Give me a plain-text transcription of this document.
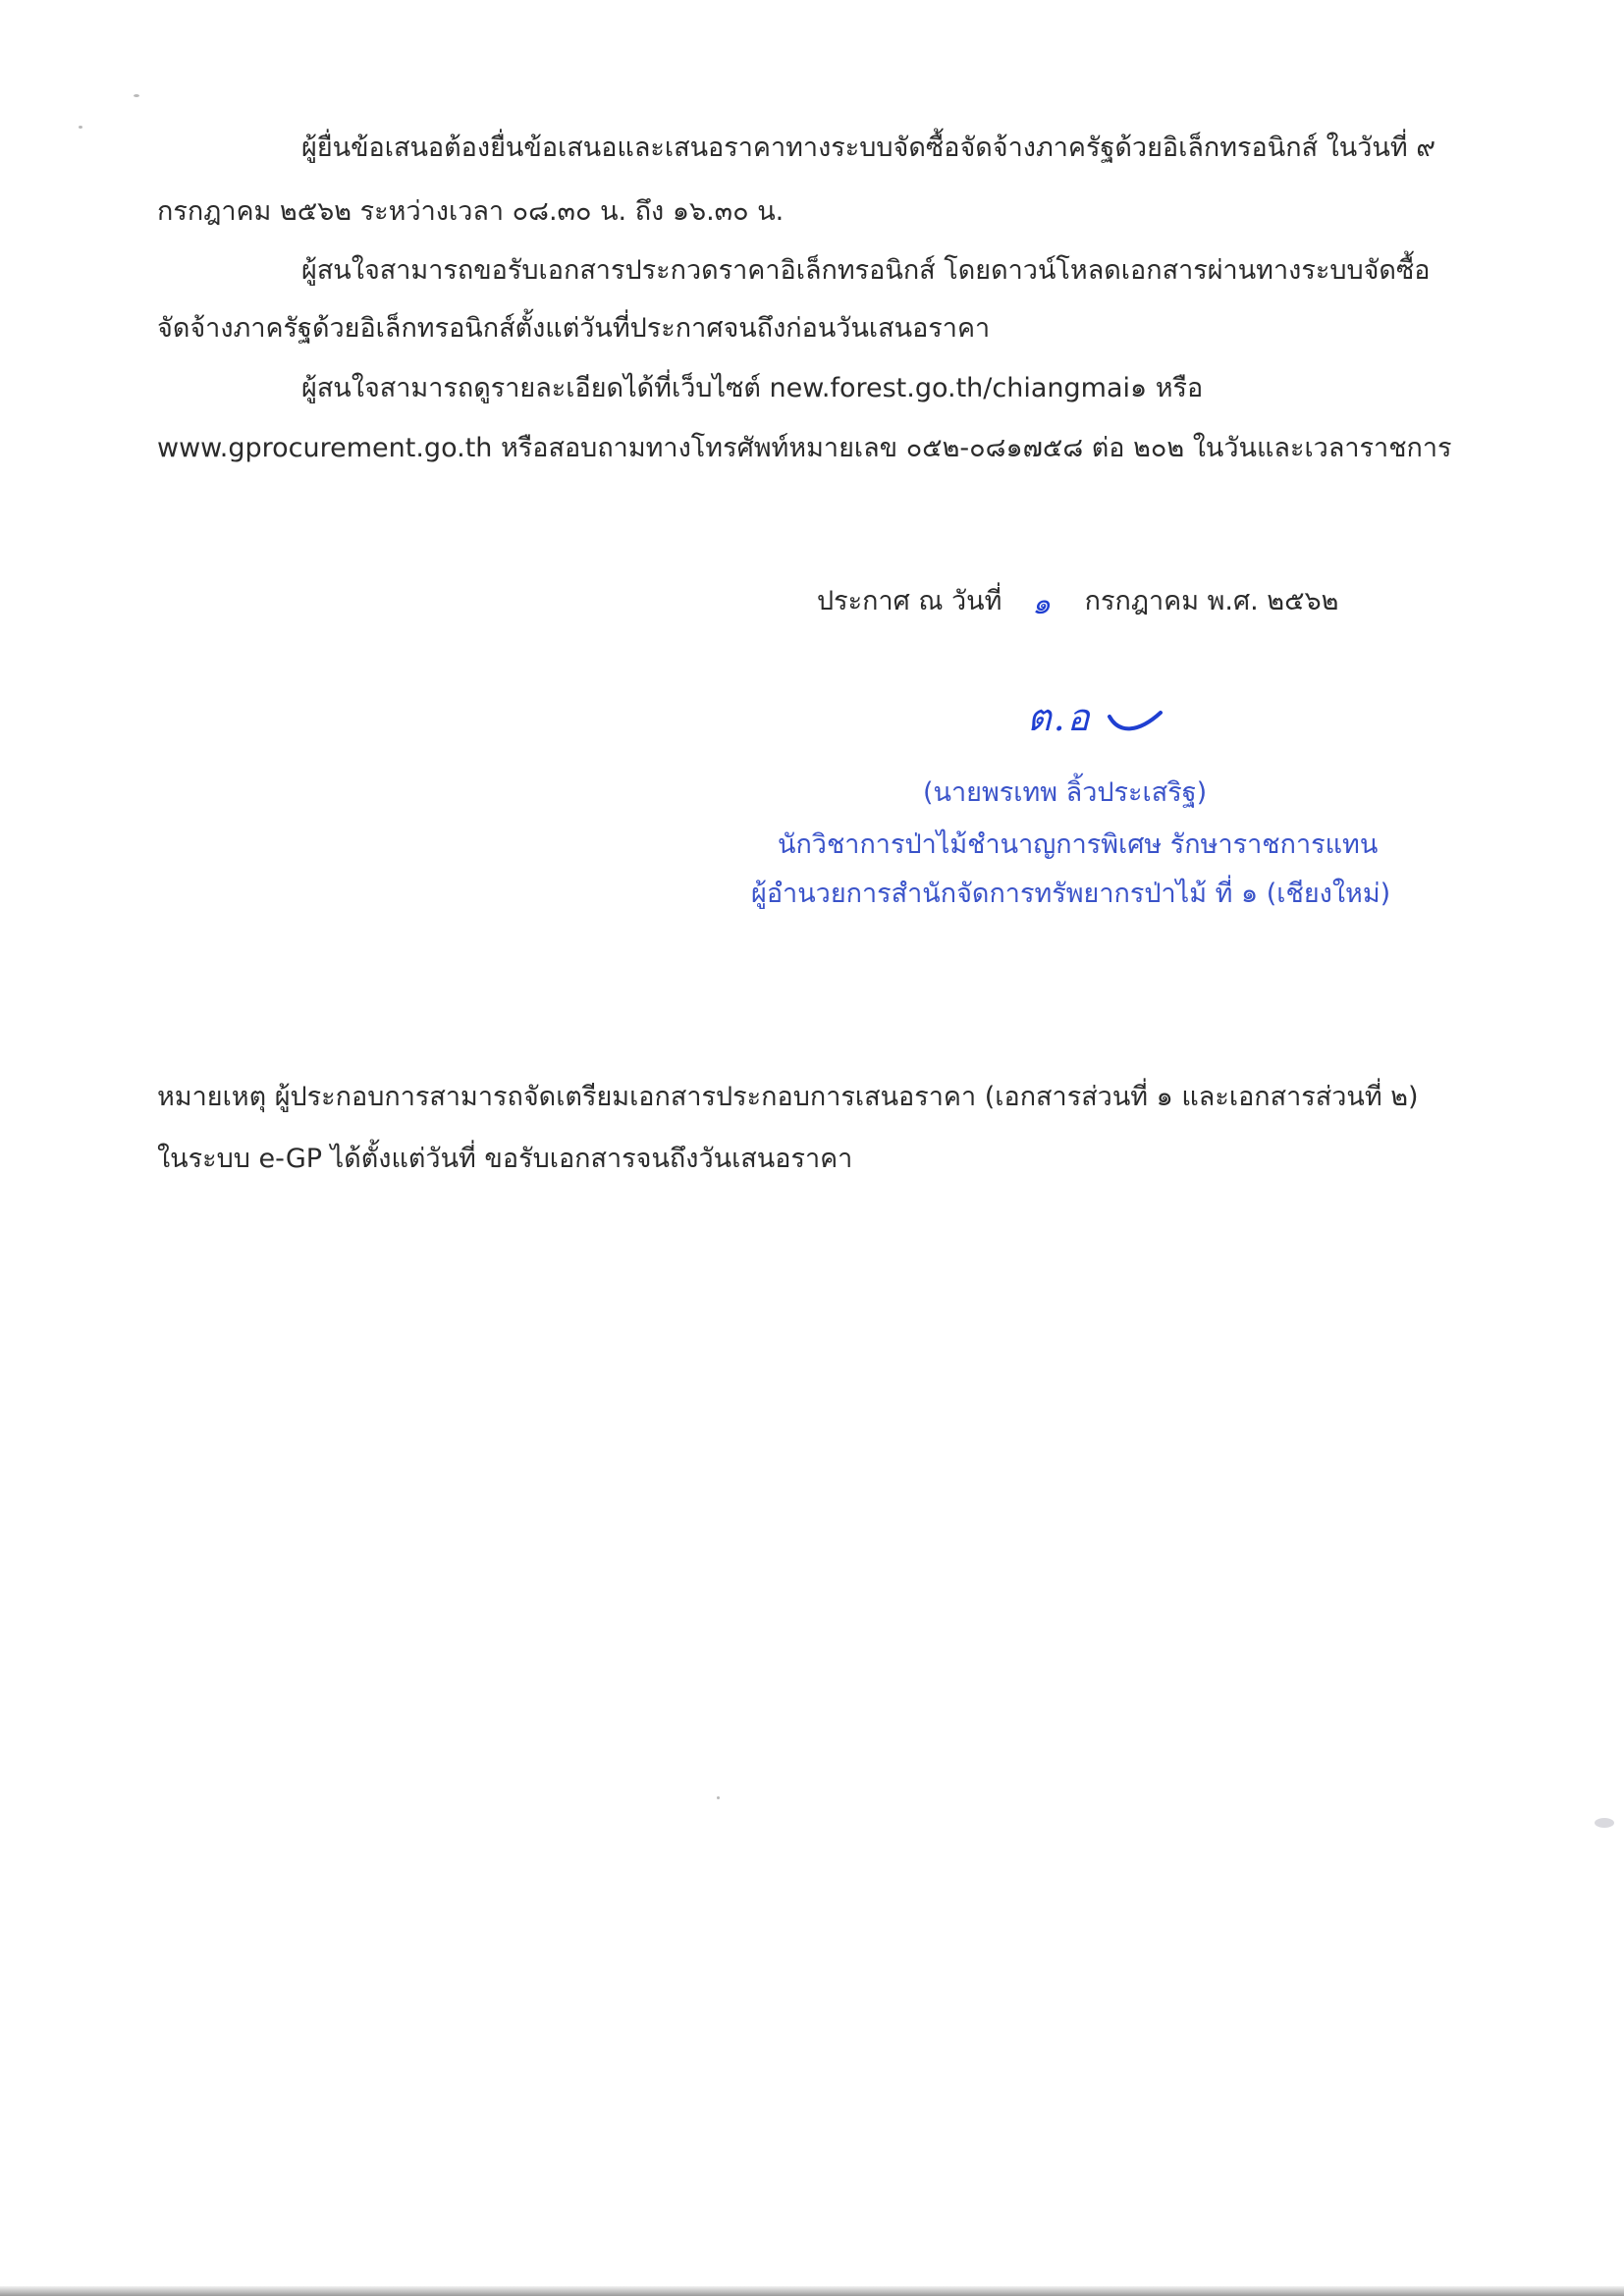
ผู้ยื่นข้อเสนอต้องยื่นข้อเสนอและเสนอราคาทางระบบจัดซื้อจัดจ้างภาครัฐด้วยอิเล็กทรอนิกส์ ในวันที่ ๙
กรกฎาคม ๒๕๖๒ ระหว่างเวลา ๐๘.๓๐ น. ถึง ๑๖.๓๐ น.
ผู้สนใจสามารถขอรับเอกสารประกวดราคาอิเล็กทรอนิกส์ โดยดาวน์โหลดเอกสารผ่านทางระบบจัดซื้อ
จัดจ้างภาครัฐด้วยอิเล็กทรอนิกส์ตั้งแต่วันที่ประกาศจนถึงก่อนวันเสนอราคา
ผู้สนใจสามารถดูรายละเอียดได้ที่เว็บไซต์ new.forest.go.th/chiangmai๑ หรือ
www.gprocurement.go.th หรือสอบถามทางโทรศัพท์หมายเลข ๐๕๒-๐๘๑๗๕๘ ต่อ ๒๐๒ ในวันและเวลาราชการ
ประกาศ ณ วันที่ ๑ กรกฎาคม พ.ศ. ๒๕๖๒
ต.อ
(นายพรเทพ ลิ้วประเสริฐ)
นักวิชาการป่าไม้ชำนาญการพิเศษ รักษาราชการแทน
ผู้อำนวยการสำนักจัดการทรัพยากรป่าไม้ ที่ ๑ (เชียงใหม่)
หมายเหตุ ผู้ประกอบการสามารถจัดเตรียมเอกสารประกอบการเสนอราคา (เอกสารส่วนที่ ๑ และเอกสารส่วนที่ ๒)
ในระบบ e-GP ได้ตั้งแต่วันที่ ขอรับเอกสารจนถึงวันเสนอราคา
